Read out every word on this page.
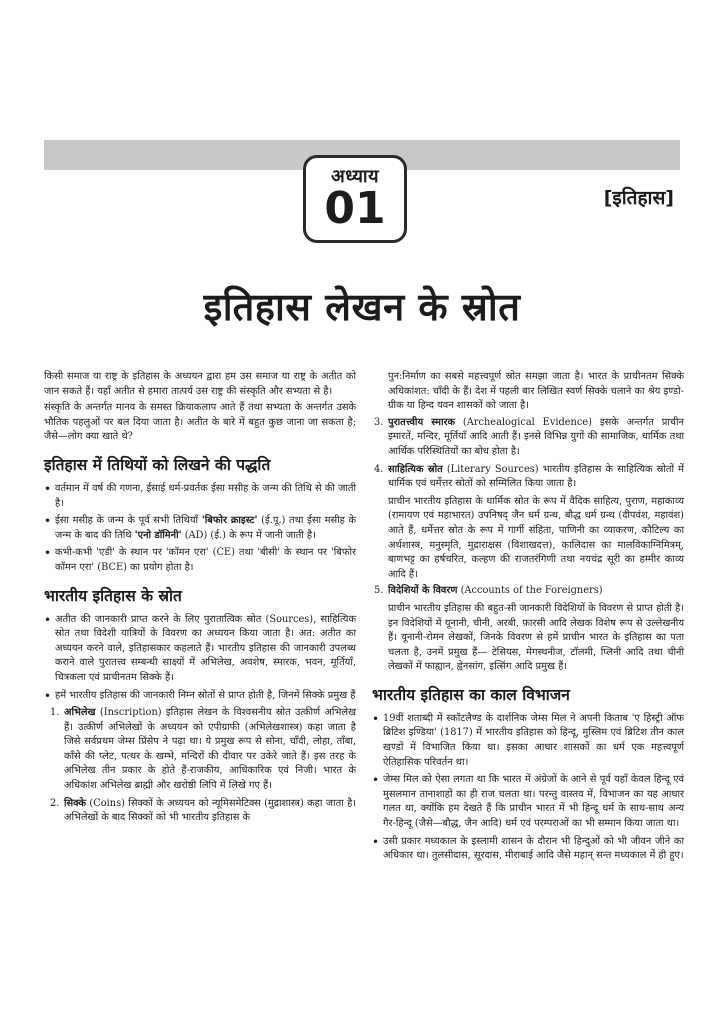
अध्याय
01	[इतिहास]
इतिहास लेखन के स्रोत

किसी समाज या राष्ट्र के इतिहास के अध्ययन द्वारा हम उस समाज या राष्ट्र के अतीत को जान सकते हैं। यहाँ अतीत से हमारा तात्पर्य उस राष्ट्र की संस्कृति और सभ्यता से है।

संस्कृति के अन्तर्गत मानव के समस्त क्रियाकलाप आते हैं तथा सभ्यता के अन्तर्गत उसके भौतिक पहलुओं पर बल दिया जाता है। अतीत के बारे में बहुत कुछ जाना जा सकता है; जैसे—लोग क्या खाते थे?

इतिहास में तिथियों को लिखने की पद्धति
• वर्तमान में वर्ष की गणना, ईसाई धर्म-प्रवर्तक ईसा मसीह के जन्म की तिथि से की जाती है।
• ईसा मसीह के जन्म के पूर्व सभी तिथियाँ 'बिफोर क्राइस्ट' (ई.पू.) तथा ईसा मसीह के जन्म के बाद की तिथि 'एनो डॉमिनी' (AD) (ई.) के रूप में जानी जाती है।
• कभी-कभी 'एडी' के स्थान पर 'कॉमन एरा' (CE) तथा 'बीसी' के स्थान पर 'बिफोर कॉमन एरा' (BCE) का प्रयोग होता है।
भारतीय इतिहास के स्रोत
• अतीत की जानकारी प्राप्त करने के लिए पुरातात्विक स्रोत (Sources), साहित्यिक स्रोत तथा विदेशी यात्रियों के विवरण का अध्ययन किया जाता है। अत: अतीत का अध्ययन करने वाले, इतिहासकार कहलाते हैं। भारतीय इतिहास की जानकारी उपलब्ध कराने वाले पुरातत्त्व सम्बन्धी साक्ष्यों में अभिलेख, अवशेष, स्मारक, भवन, मूर्तियाँ, चित्रकला एवं प्राचीनतम सिक्के हैं।
• हमें भारतीय इतिहास की जानकारी निम्न स्रोतों से प्राप्त होती है, जिनमें सिक्के प्रमुख हैं
1. अभिलेख (Inscription) इतिहास लेखन के विश्वसनीय स्रोत उत्कीर्ण अभिलेख हैं। उत्कीर्ण अभिलेखों के अध्ययन को एपीग्राफी (अभिलेखशास्त्र) कहा जाता है जिसे सर्वप्रथम जेम्स प्रिंसेप ने पढ़ा था। ये प्रमुख रूप से सोना, चाँदी, लोहा, ताँबा, काँसे की प्लेट, पत्थर के खम्भे, मन्दिरों की दीवार पर उकेरे जाते हैं। इस तरह के अभिलेख तीन प्रकार के होते हैं-राजकीय, आधिकारिक एवं निजी। भारत के अधिकांश अभिलेख ब्राह्मी और खरोष्ठी लिपि में लिखे गए हैं।
2. सिक्के (Coins) सिक्कों के अध्ययन को न्यूमिसमेटिक्स (मुद्राशास्त्र) कहा जाता है। अभिलेखों के बाद सिक्कों को भी भारतीय इतिहास के

पुन:निर्माण का सबसे महत्त्वपूर्ण स्रोत समझा जाता है। भारत के प्राचीनतम सिक्के अधिकांशत: चाँदी के हैं। देश में पहली बार लिखित स्वर्ण सिक्के चलाने का श्रेय इण्डो-ग्रीक या हिन्द यवन शासकों को जाता है।

3. पुरातत्त्वीय स्मारक (Archealogical Evidence) इसके अन्तर्गत प्राचीन इमारतें, मन्दिर, मूर्तियाँ आदि आती हैं। इनसे विभिन्न युगों की सामाजिक, धार्मिक तथा आर्थिक परिस्थितियों का बोध होता है।
4. साहित्यिक स्रोत (Literary Sources) भारतीय इतिहास के साहित्यिक स्रोतों में धार्मिक एवं धर्मेत्तर स्रोतों को सम्मिलित किया जाता है।

प्राचीन भारतीय इतिहास के धार्मिक स्रोत के रूप में वैदिक साहित्य, पुराण, महाकाव्य (रामायण एवं महाभारत) उपनिषद् जैन धर्म ग्रन्थ, बौद्ध धर्म ग्रन्थ (दीपवंश, महावंश) आते हैं, धर्मेत्तर स्रोत के रूप में गार्गी संहिता, पाणिनी का व्याकरण, कौटिल्य का अर्थशास्त्र, मनुस्मृति, मुद्राराक्षस (विशाखदत्त), कालिदास का मालविकाग्निमित्रम्, बाणभट्ट का हर्षचरित, कल्हण की राजतरंगिणी तथा नयचंद्र सूरी का हम्मीर काव्य आदि हैं।

5. विदेशियों के विवरण (Accounts of the Foreigners)

प्राचीन भारतीय इतिहास की बहुत-सी जानकारी विदेशियों के विवरण से प्राप्त होती है। इन विदेशियों में यूनानी, चीनी, अरबी, फ़ारसी आदि लेखक विशेष रूप से उल्लेखनीय हैं। यूनानी-रोमन लेखकों, जिनके विवरण से हमें प्राचीन भारत के इतिहास का पता चलता है, उनमें प्रमुख हैं— टेसियस, मेगस्थनीज, टॉलमी, प्लिनी आदि तथा चीनी लेखकों में फाह्यान, ह्वेनसांग, इत्सिंग आदि प्रमुख हैं।

भारतीय इतिहास का काल विभाजन
• 19वीं शताब्दी में स्कॉटलैण्ड के दार्शनिक जेम्स मिल ने अपनी किताब 'ए हिस्ट्री ऑफ ब्रिटिश इण्डिया' (1817) में भारतीय इतिहास को हिन्दू, मुस्लिम एवं ब्रिटिश तीन काल खण्डों में विभाजित किया था। इसका आधार शासकों का धर्म एक महत्त्वपूर्ण ऐतिहासिक परिवर्तन था।
• जेम्स मिल को ऐसा लगता था कि भारत में अंग्रेजों के आने से पूर्व यहाँ केवल हिन्दू एवं मुसलमान तानाशाहों का ही राज चलता था। परन्तु वास्तव में, विभाजन का यह आधार गलत था, क्योंकि हम देखते हैं कि प्राचीन भारत में भी हिन्दू धर्म के साथ-साथ अन्य गैर-हिन्दू (जैसे—बौद्ध, जैन आदि) धर्म एवं परम्पराओं का भी सम्मान किया जाता था।
• उसी प्रकार मध्यकाल के इस्लामी शासन के दौरान भी हिन्दुओं को भी जीवन जीने का अधिकार था। तुलसीदास, सूरदास, मीराबाई आदि जैसे महान् सन्त मध्यकाल में ही हुए।
